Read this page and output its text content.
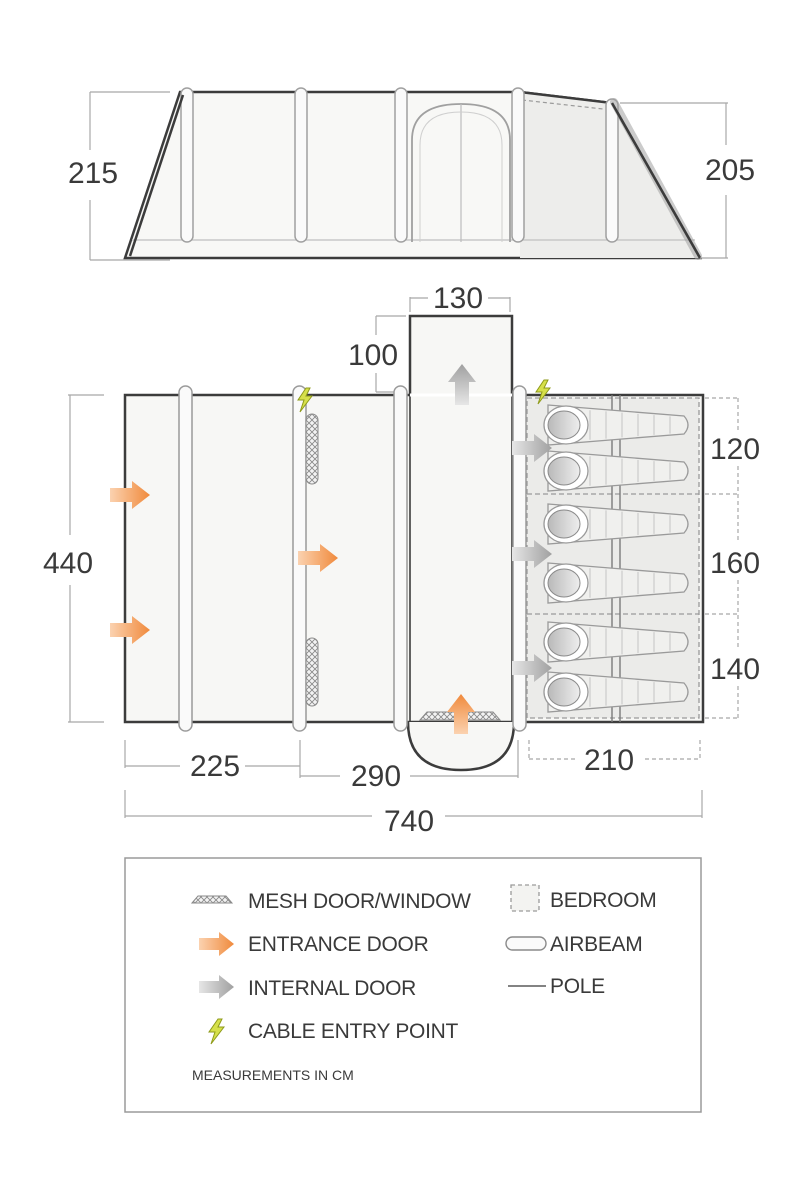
215	205
130
100
440
120
160
140
225	290	210
740
MESH DOOR/WINDOW
ENTRANCE DOOR
INTERNAL DOOR
CABLE ENTRY POINT
BEDROOM
AIRBEAM
POLE
MEASUREMENTS IN CM
